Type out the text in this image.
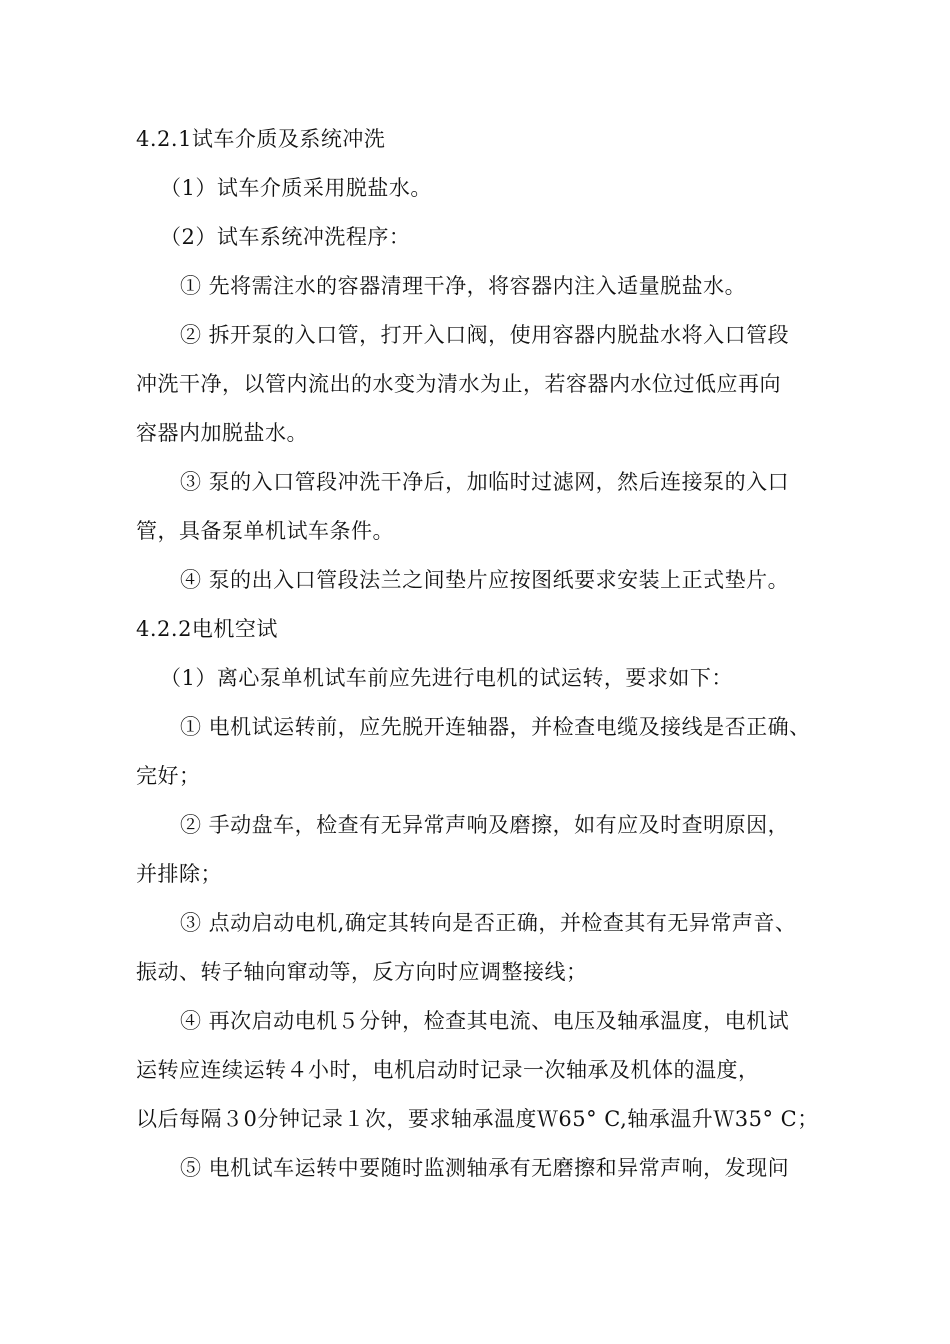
4.2.1试车介质及系统冲洗
（1）试车介质采用脱盐水。
（2）试车系统冲洗程序：
① 先将需注水的容器清理干净，将容器内注入适量脱盐水。
② 拆开泵的入口管，打开入口阀，使用容器内脱盐水将入口管段
冲洗干净，以管内流出的水变为清水为止，若容器内水位过低应再向
容器内加脱盐水。
③ 泵的入口管段冲洗干净后，加临时过滤网，然后连接泵的入口
管，具备泵单机试车条件。
④ 泵的出入口管段法兰之间垫片应按图纸要求安装上正式垫片。
4.2.2电机空试
（1）离心泵单机试车前应先进行电机的试运转，要求如下：
① 电机试运转前，应先脱开连轴器，并检查电缆及接线是否正确、
完好；
② 手动盘车，检查有无异常声响及磨擦，如有应及时查明原因，
并排除；
③ 点动启动电机,确定其转向是否正确，并检查其有无异常声音、
振动、转子轴向窜动等，反方向时应调整接线；
④ 再次启动电机５分钟，检查其电流、电压及轴承温度，电机试
运转应连续运转４小时，电机启动时记录一次轴承及机体的温度，
以后每隔３0分钟记录１次，要求轴承温度Ｗ65° C,轴承温升Ｗ35° C；
⑤ 电机试车运转中要随时监测轴承有无磨擦和异常声响，发现问
